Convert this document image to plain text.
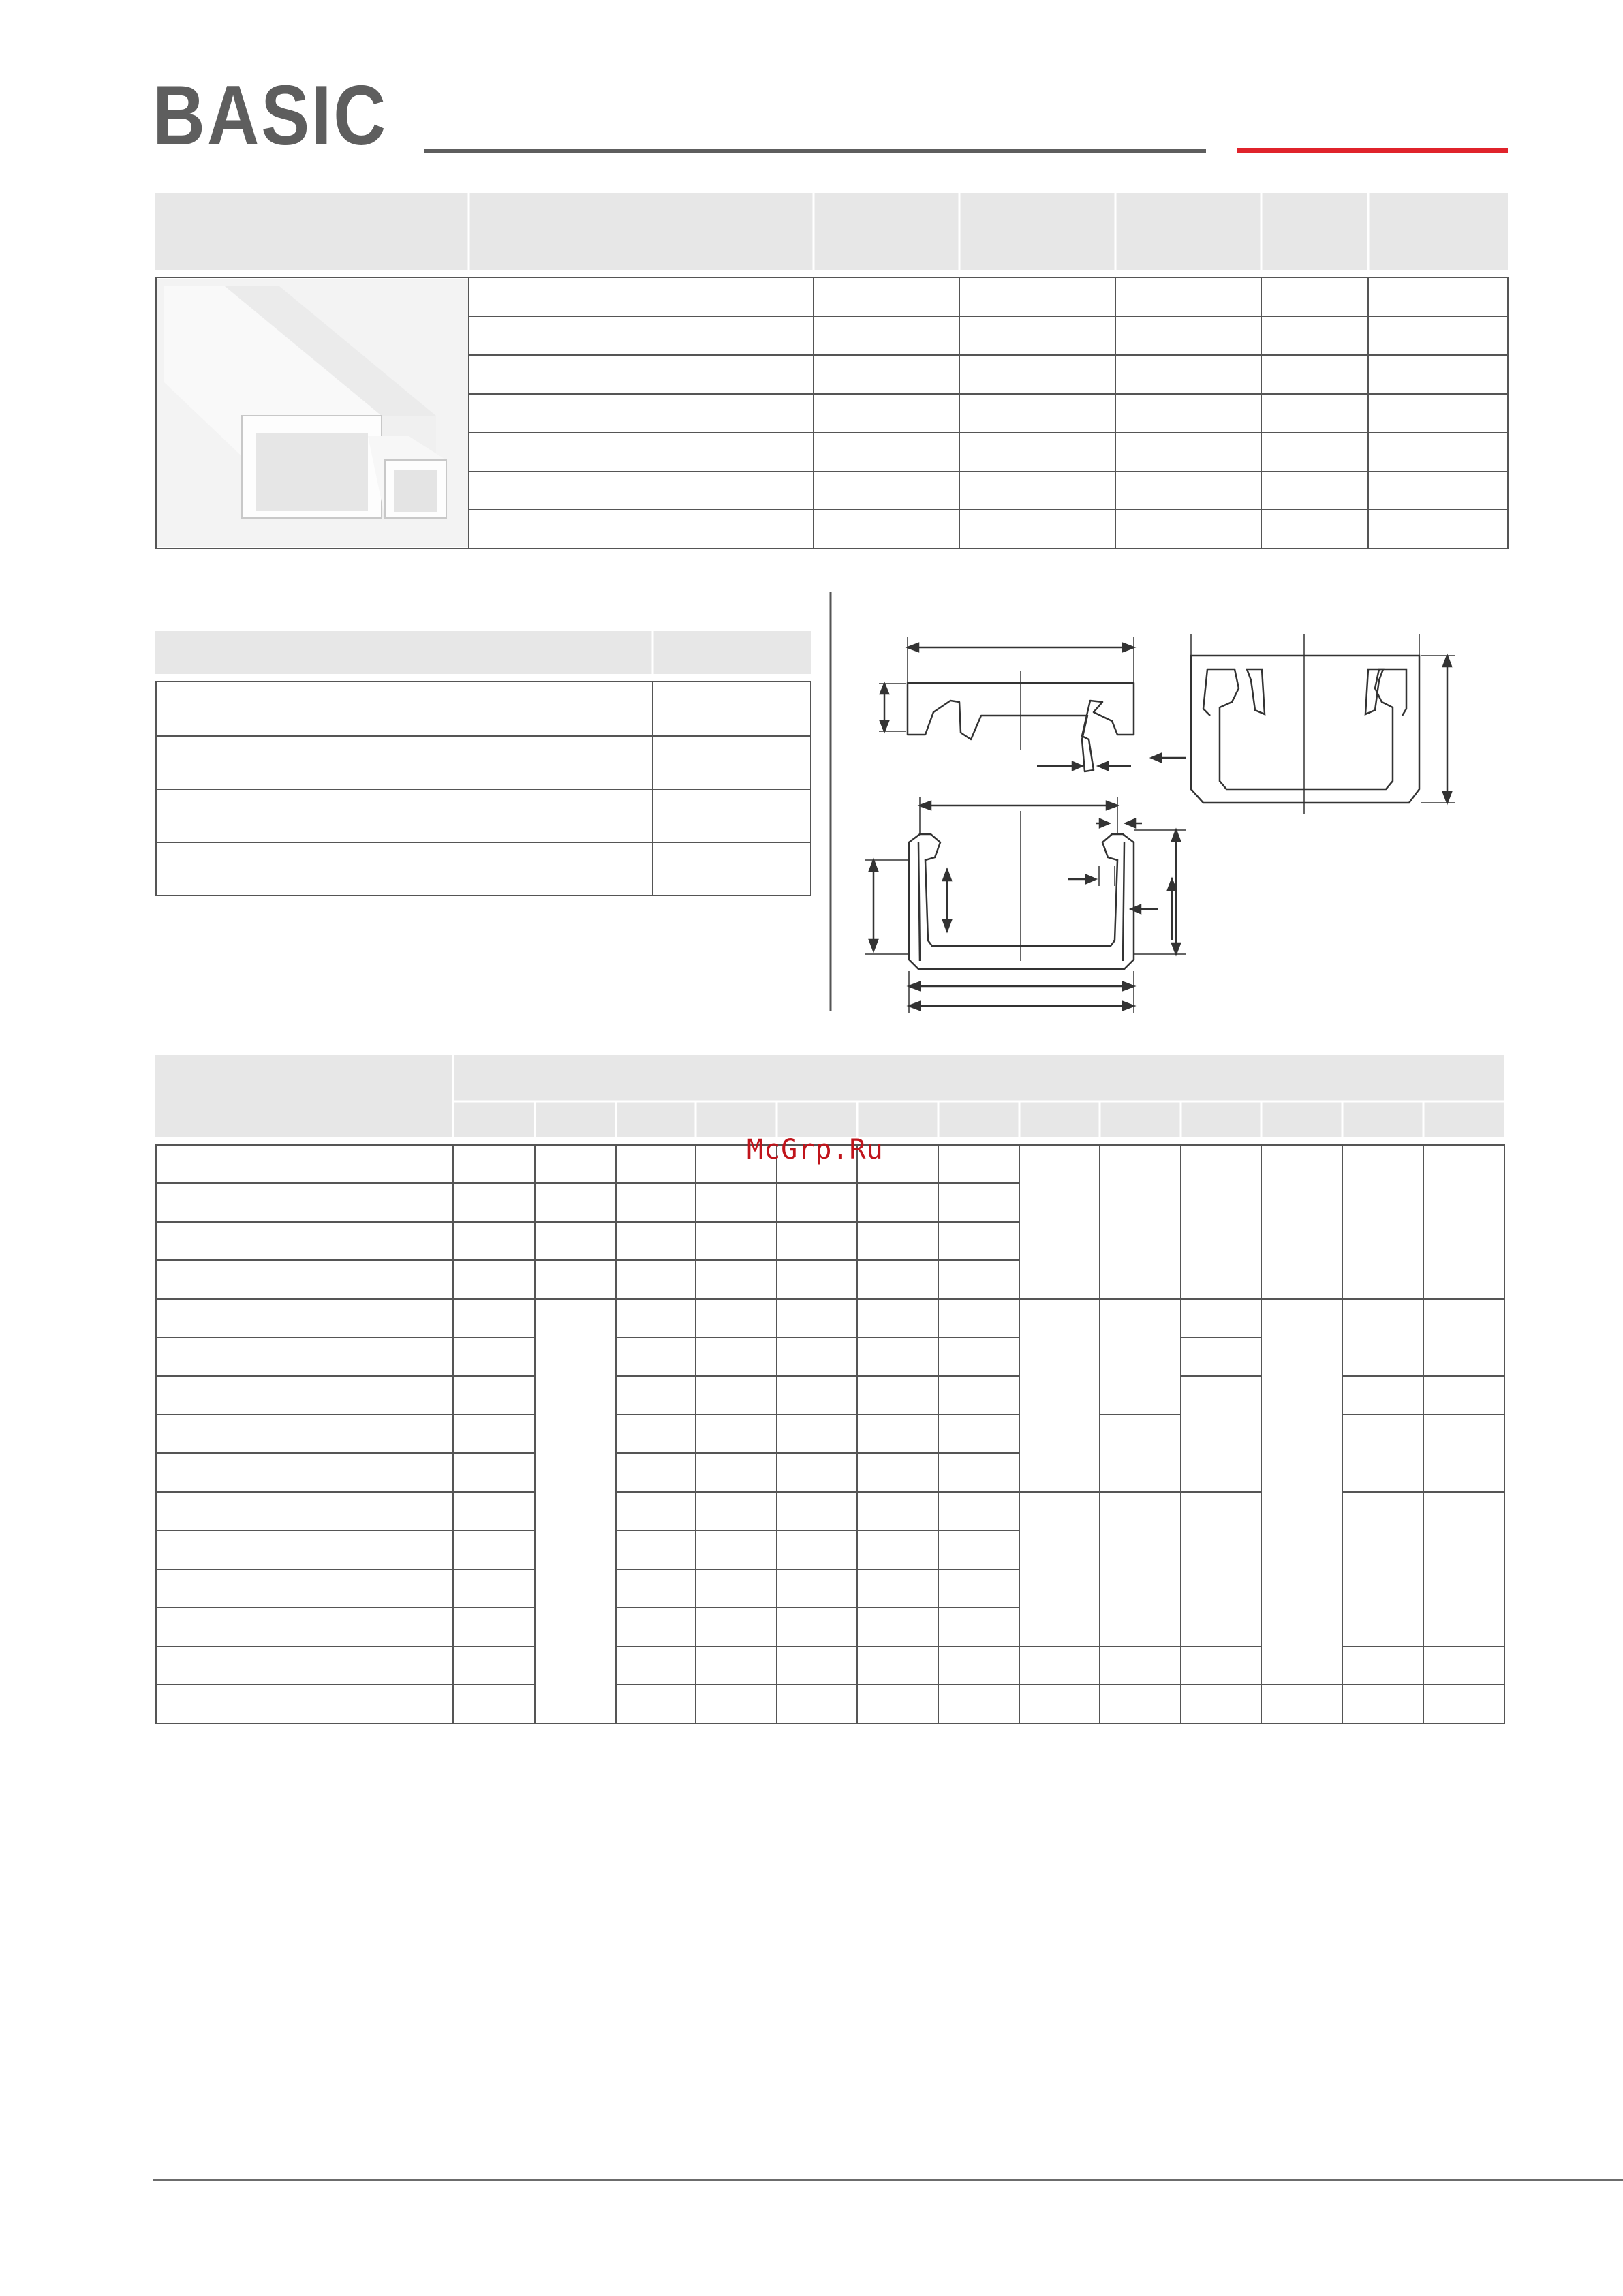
BASIC
McGrp.Ru
